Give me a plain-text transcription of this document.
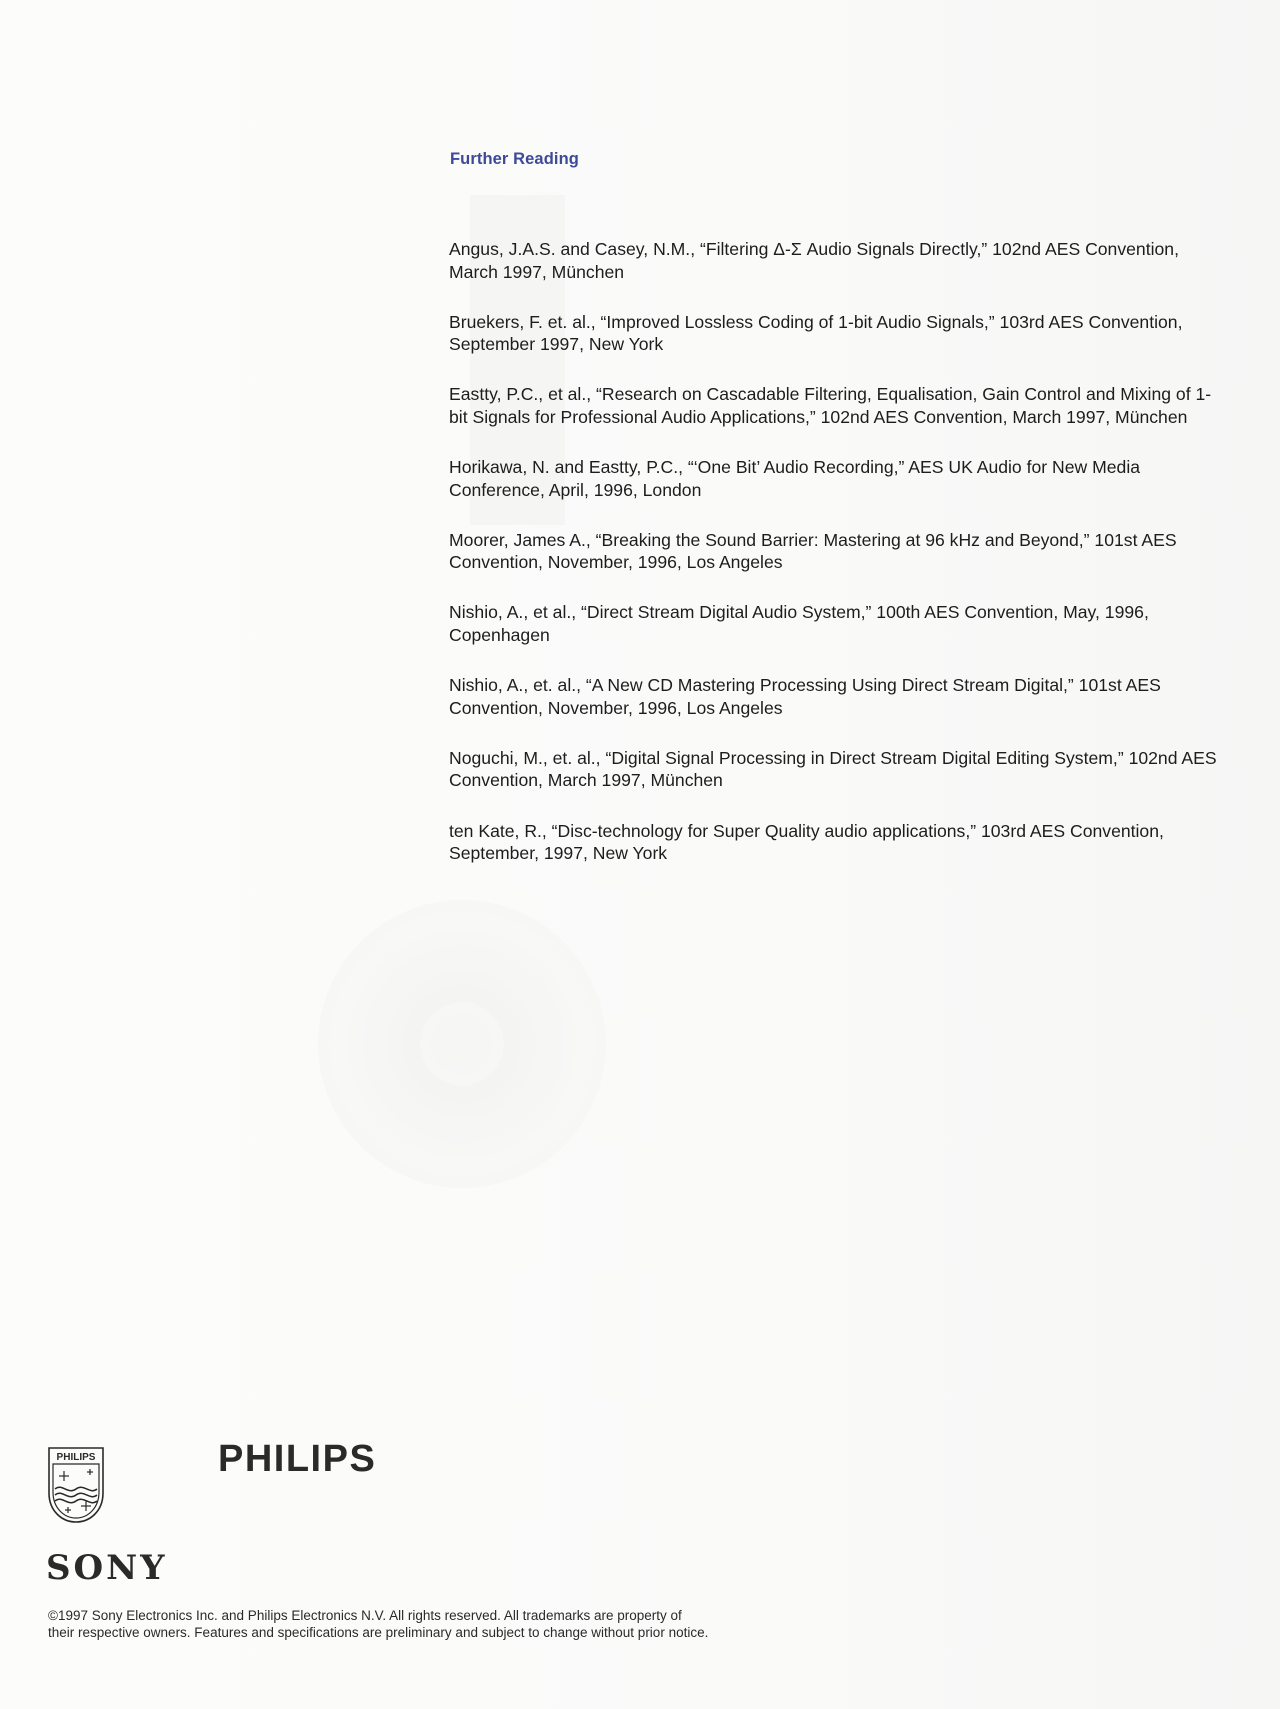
Further Reading
Angus, J.A.S. and Casey, N.M., “Filtering Δ-Σ Audio Signals Directly,” 102nd AES Convention, March 1997, München
Bruekers, F. et. al., “Improved Lossless Coding of 1-bit Audio Signals,” 103rd AES Convention, September 1997, New York
Eastty, P.C., et al., “Research on Cascadable Filtering, Equalisation, Gain Control and Mixing of 1-bit Signals for Professional Audio Applications,” 102nd AES Convention, March 1997, München
Horikawa, N. and Eastty, P.C., “‘One Bit’ Audio Recording,” AES UK Audio for New Media Conference, April, 1996, London
Moorer, James A., “Breaking the Sound Barrier: Mastering at 96 kHz and Beyond,” 101st AES Convention, November, 1996, Los Angeles
Nishio, A., et al., “Direct Stream Digital Audio System,” 100th AES Convention, May, 1996, Copenhagen
Nishio, A., et. al., “A New CD Mastering Processing Using Direct Stream Digital,” 101st AES Convention, November, 1996, Los Angeles
Noguchi, M., et. al., “Digital Signal Processing in Direct Stream Digital Editing System,” 102nd AES Convention, March 1997, München
ten Kate, R., “Disc-technology for Super Quality audio applications,” 103rd AES Convention, September, 1997, New York
PHILIPS	PHILIPS
SONY
©1997 Sony Electronics Inc. and Philips Electronics N.V. All rights reserved. All trademarks are property of
their respective owners. Features and specifications are preliminary and subject to change without prior notice.
